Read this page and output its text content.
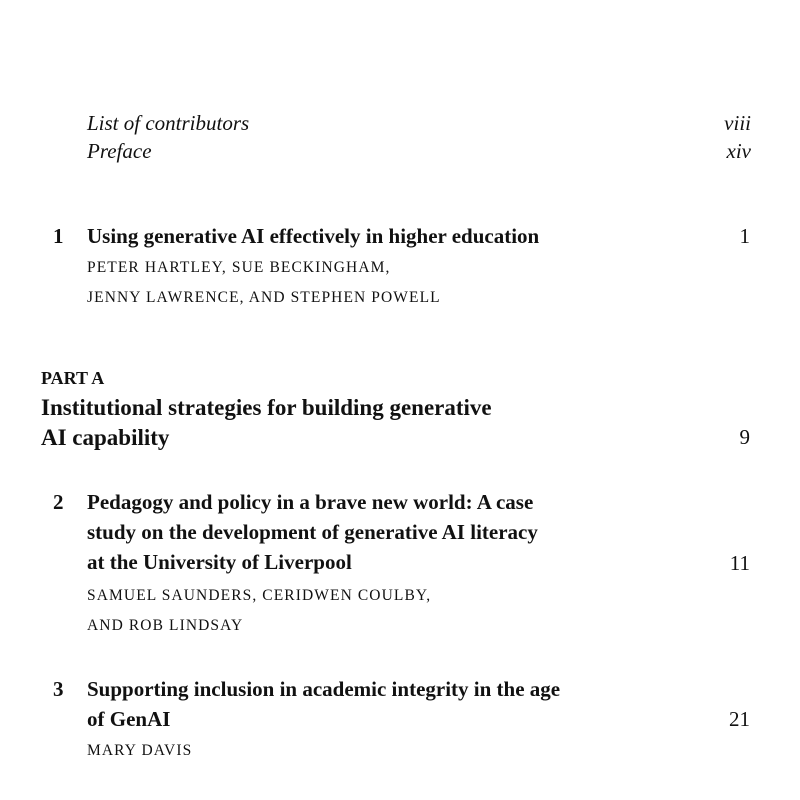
List of contributors	viii
Preface	xiv
1 Using generative AI effectively in higher education	1
PETER HARTLEY, SUE BECKINGHAM,
JENNY LAWRENCE, AND STEPHEN POWELL
PART A
Institutional strategies for building generative
AI capability	9
2 Pedagogy and policy in a brave new world: A case
study on the development of generative AI literacy
at the University of Liverpool	11
SAMUEL SAUNDERS, CERIDWEN COULBY,
AND ROB LINDSAY
3 Supporting inclusion in academic integrity in the age
of GenAI	21
MARY DAVIS
